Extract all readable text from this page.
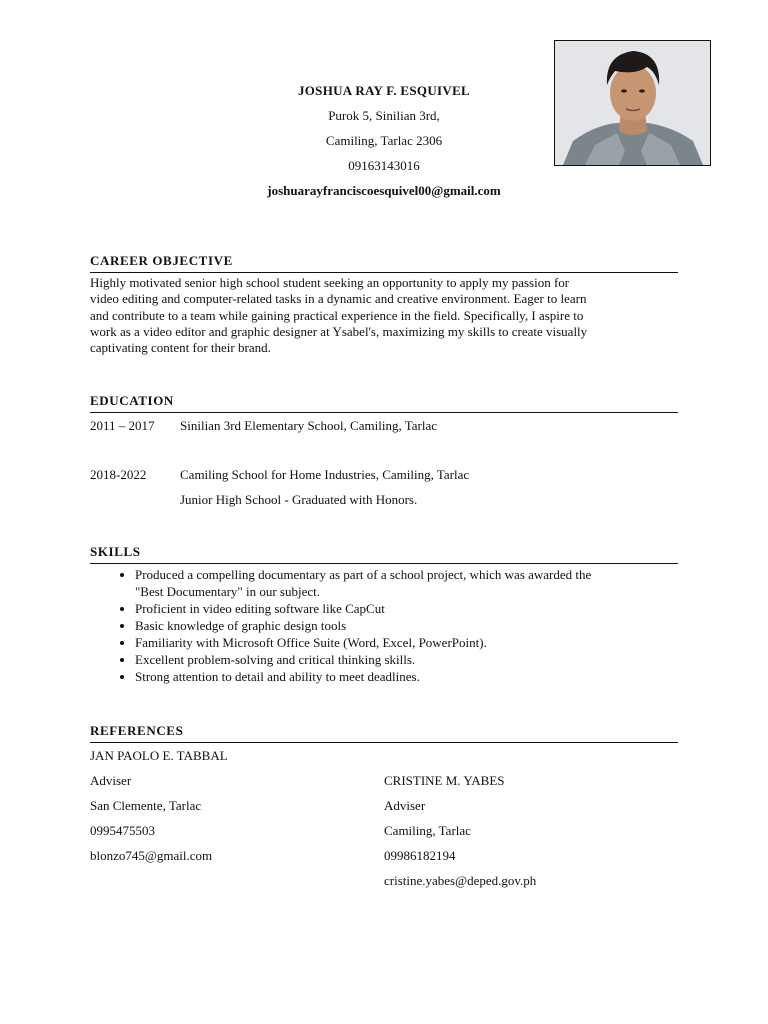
JOSHUA RAY F. ESQUIVEL
Purok 5, Sinilian 3rd,
Camiling, Tarlac 2306
09163143016
joshuarayfranciscoesquivel00@gmail.com
CAREER OBJECTIVE
Highly motivated senior high school student seeking an opportunity to apply my passion for
video editing and computer-related tasks in a dynamic and creative environment. Eager to learn
and contribute to a team while gaining practical experience in the field. Specifically, I aspire to
work as a video editor and graphic designer at Ysabel's, maximizing my skills to create visually
captivating content for their brand.
EDUCATION
2011 – 2017	Sinilian 3rd Elementary School, Camiling, Tarlac
2018-2022	Camiling School for Home Industries, Camiling, Tarlac
Junior High School - Graduated with Honors.
SKILLS
• Produced a compelling documentary as part of a school project, which was awarded the
"Best Documentary" in our subject.
• Proficient in video editing software like CapCut
• Basic knowledge of graphic design tools
• Familiarity with Microsoft Office Suite (Word, Excel, PowerPoint).
• Excellent problem-solving and critical thinking skills.
• Strong attention to detail and ability to meet deadlines.
REFERENCES
JAN PAOLO E. TABBAL
Adviser
San Clemente, Tarlac
0995475503
blonzo745@gmail.com
CRISTINE M. YABES
Adviser
Camiling, Tarlac
09986182194
cristine.yabes@deped.gov.ph
